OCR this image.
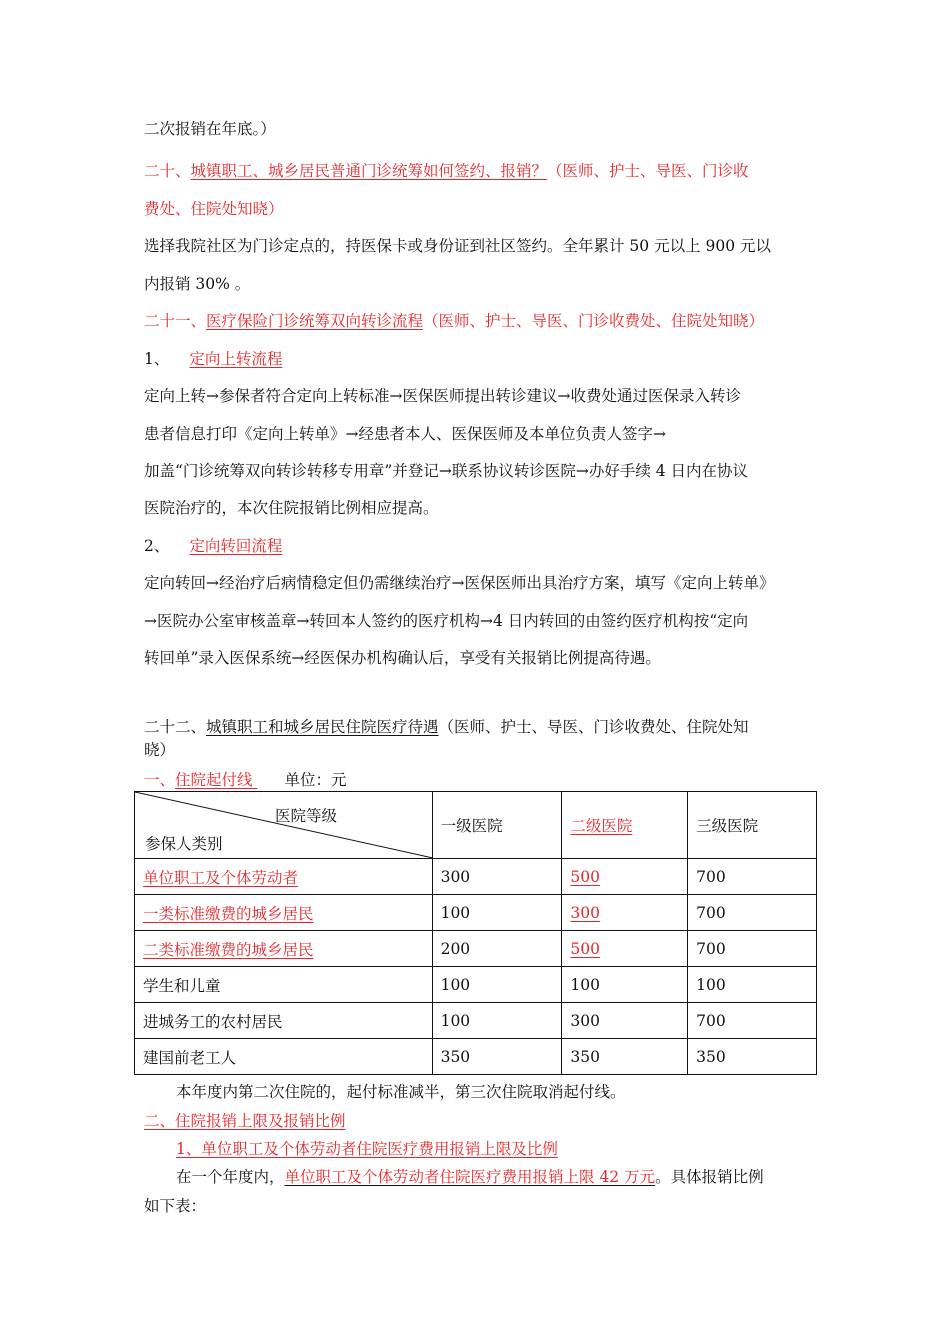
二次报销在年底。）
二十、城镇职工、城乡居民普通门诊统筹如何签约、报销？（医师、护士、导医、门诊收
费处、住院处知晓）
选择我院社区为门诊定点的，持医保卡或身份证到社区签约。全年累计 50 元以上 900 元以
内报销 30% 。
二十一、医疗保险门诊统筹双向转诊流程（医师、护士、导医、门诊收费处、住院处知晓）
1、 定向上转流程
定向上转→参保者符合定向上转标准→医保医师提出转诊建议→收费处通过医保录入转诊
患者信息打印《定向上转单》→经患者本人、医保医师及本单位负责人签字→
加盖“门诊统筹双向转诊转移专用章”并登记→联系协议转诊医院→办好手续 4 日内在协议
医院治疗的，本次住院报销比例相应提高。
2、 定向转回流程
定向转回→经治疗后病情稳定但仍需继续治疗→医保医师出具治疗方案，填写《定向上转单》
→医院办公室审核盖章→转回本人签约的医疗机构→4 日内转回的由签约医疗机构按“定向
转回单”录入医保系统→经医保办机构确认后，享受有关报销比例提高待遇。
二十二、城镇职工和城乡居民住院医疗待遇（医师、护士、导医、门诊收费处、住院处知
晓）
一、住院起付线 单位：元
医院等级
参保人类别	一级医院	二级医院	三级医院
单位职工及个体劳动者	300	500	700
一类标准缴费的城乡居民	100	300	700
二类标准缴费的城乡居民	200	500	700
学生和儿童	100	100	100
进城务工的农村居民	100	300	700
建国前老工人	350	350	350
本年度内第二次住院的，起付标准减半，第三次住院取消起付线。
二、住院报销上限及报销比例
1、单位职工及个体劳动者住院医疗费用报销上限及比例
在一个年度内，单位职工及个体劳动者住院医疗费用报销上限 42 万元。具体报销比例
如下表：
